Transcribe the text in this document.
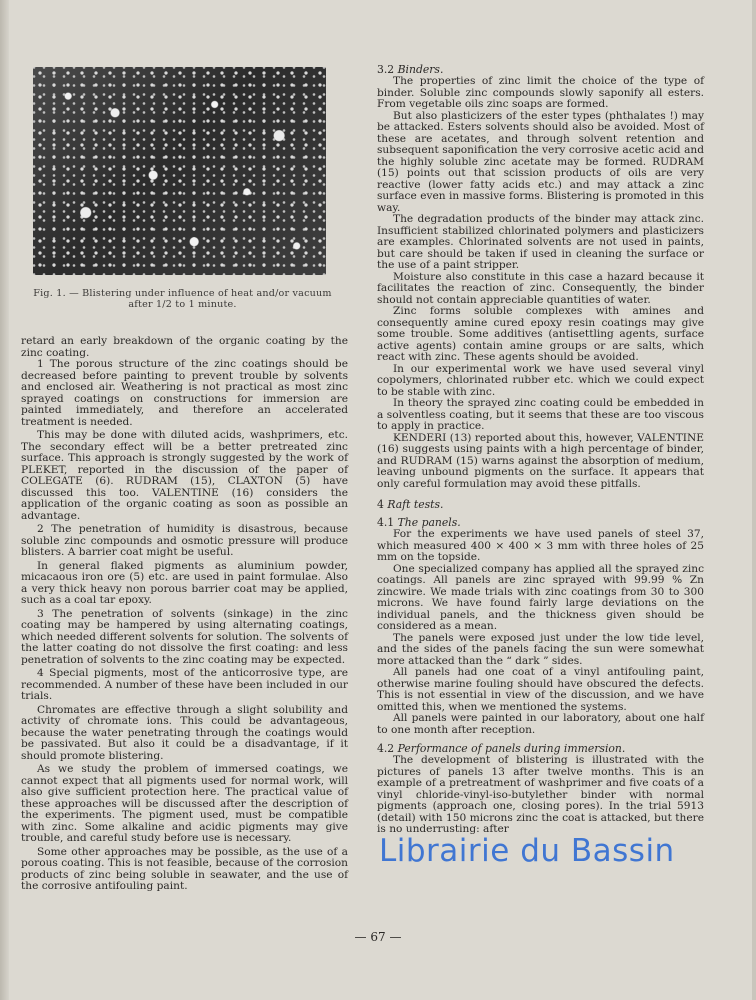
Fig. 1. — Blistering under influence of heat and/or vacuum after 1/2 to 1 minute.

retard an early breakdown of the organic coating by the zinc coating.

1 The porous structure of the zinc coatings should be decreased before painting to prevent trouble by solvents and enclosed air. Weathering is not practical as most zinc sprayed coatings on constructions for immersion are painted immediately, and therefore an accelerated treatment is needed.

This may be done with diluted acids, washprimers, etc. The secondary effect will be a better pretreated zinc surface. This approach is strongly suggested by the work of PLEKET, reported in the discussion of the paper of COLEGATE (6). RUDRAM (15), CLAXTON (5) have discussed this too. VALENTINE (16) considers the application of the organic coating as soon as possible an advantage.

2 The penetration of humidity is disastrous, because soluble zinc compounds and osmotic pressure will produce blisters. A barrier coat might be useful.

In general flaked pigments as aluminium powder, micacaous iron ore (5) etc. are used in paint formulae. Also a very thick heavy non porous barrier coat may be applied, such as a coal tar epoxy.

3 The penetration of solvents (sinkage) in the zinc coating may be hampered by using alternating coatings, which needed different solvents for solution. The solvents of the latter coating do not dissolve the first coating: and less penetration of solvents to the zinc coating may be expected.

4 Special pigments, most of the anticorrosive type, are recommended. A number of these have been included in our trials.

Chromates are effective through a slight solubility and activity of chromate ions. This could be advantageous, because the water penetrating through the coatings would be passivated. But also it could be a disadvantage, if it should promote blistering.

As we study the problem of immersed coatings, we cannot expect that all pigments used for normal work, will also give sufficient protection here. The practical value of these approaches will be discussed after the description of the experiments. The pigment used, must be compatible with zinc. Some alkaline and acidic pigments may give trouble, and careful study before use is necessary.

Some other approaches may be possible, as the use of a porous coating. This is not feasible, because of the corrosion products of zinc being soluble in seawater, and the use of the corrosive antifouling paint.

3.2 Binders.

The properties of zinc limit the choice of the type of binder. Soluble zinc compounds slowly saponify all esters. From vegetable oils zinc soaps are formed.

But also plasticizers of the ester types (phthalates !) may be attacked. Esters solvents should also be avoided. Most of these are acetates, and through solvent retention and subsequent saponification the very corrosive acetic acid and the highly soluble zinc acetate may be formed. RUDRAM (15) points out that scission products of oils are very reactive (lower fatty acids etc.) and may attack a zinc surface even in massive forms. Blistering is promoted in this way.

The degradation products of the binder may attack zinc. Insufficient stabilized chlorinated polymers and plasticizers are examples. Chlorinated solvents are not used in paints, but care should be taken if used in cleaning the surface or the use of a paint stripper.

Moisture also constitute in this case a hazard because it facilitates the reaction of zinc. Consequently, the binder should not contain appreciable quantities of water.

Zinc forms soluble complexes with amines and consequently amine cured epoxy resin coatings may give some trouble. Some additives (antisettling agents, surface active agents) contain amine groups or are salts, which react with zinc. These agents should be avoided.

In our experimental work we have used several vinyl copolymers, chlorinated rubber etc. which we could expect to be stable with zinc.

In theory the sprayed zinc coating could be embedded in a solventless coating, but it seems that these are too viscous to apply in practice.

KENDERI (13) reported about this, however, VALENTINE (16) suggests using paints with a high percentage of binder, and RUDRAM (15) warns against the absorption of medium, leaving unbound pigments on the surface. It appears that only careful formulation may avoid these pitfalls.

4 Raft tests.
4.1 The panels.

For the experiments we have used panels of steel 37, which measured 400 × 400 × 3 mm with three holes of 25 mm on the topside.

One specialized company has applied all the sprayed zinc coatings. All panels are zinc sprayed with 99.99 % Zn zincwire. We made trials with zinc coatings from 30 to 300 microns. We have found fairly large deviations on the individual panels, and the thickness given should be considered as a mean.

The panels were exposed just under the low tide level, and the sides of the panels facing the sun were somewhat more attacked than the “ dark ” sides.

All panels had one coat of a vinyl antifouling paint, otherwise marine fouling should have obscured the defects. This is not essential in view of the discussion, and we have omitted this, when we mentioned the systems.

All panels were painted in our laboratory, about one half to one month after reception.

4.2 Performance of panels during immersion.

The development of blistering is illustrated with the pictures of panels 13 after twelve months. This is an example of a pretreatment of washprimer and five coats of a vinyl chloride-vinyl-iso-butylether binder with normal pigments (approach one, closing pores). In the trial 5913 (detail) with 150 microns zinc the coat is attacked, but there is no underrusting: after

Librairie du Bassin
— 67 —
